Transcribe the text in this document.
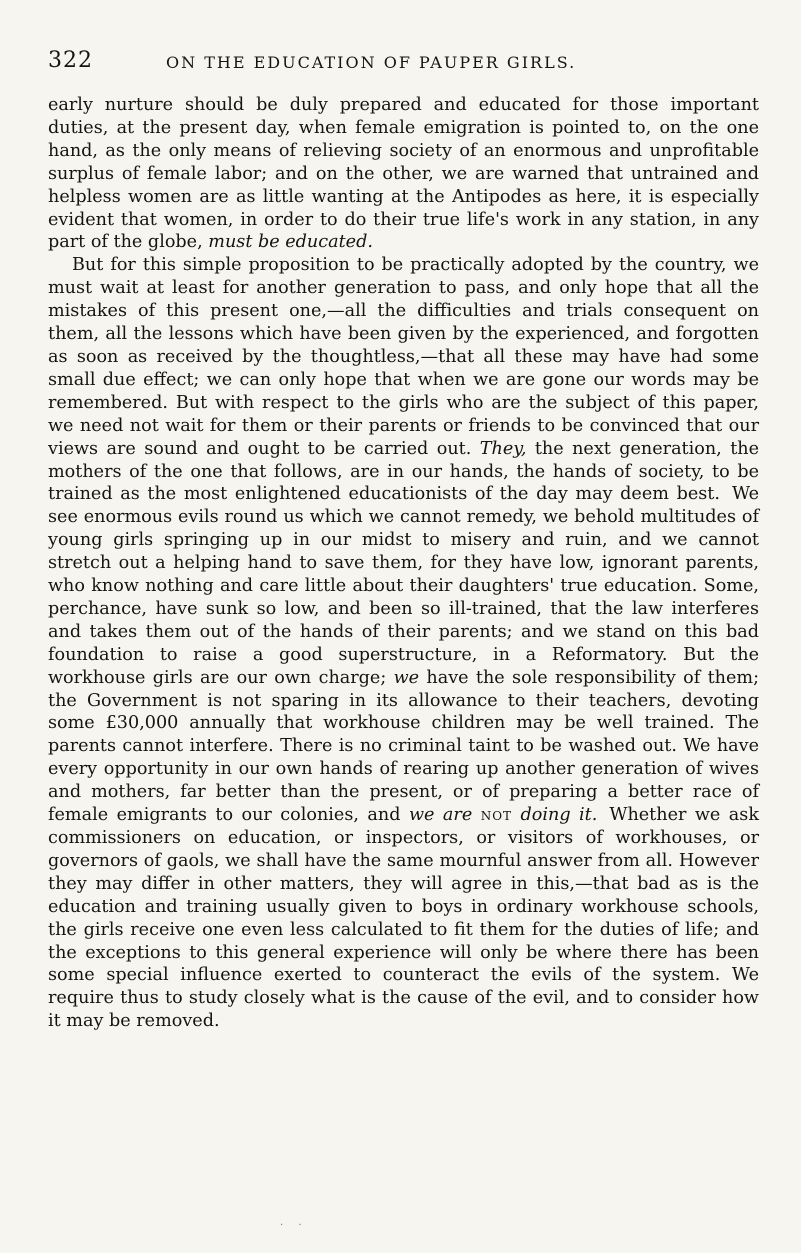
322	ON THE EDUCATION OF PAUPER GIRLS.

early nurture should be duly prepared and educated for those important duties, at the present day, when female emigration is pointed to, on the one hand, as the only means of relieving society of an enormous and unprofitable surplus of female labor; and on the other, we are warned that untrained and helpless women are as little wanting at the Antipodes as here, it is especially evident that women, in order to do their true life's work in any station, in any part of the globe, must be educated.

But for this simple proposition to be practically adopted by the country, we must wait at least for another generation to pass, and only hope that all the mistakes of this present one,—all the difficulties and trials consequent on them, all the lessons which have been given by the experienced, and forgotten as soon as received by the thoughtless,—that all these may have had some small due effect; we can only hope that when we are gone our words may be remembered. But with respect to the girls who are the subject of this paper, we need not wait for them or their parents or friends to be convinced that our views are sound and ought to be carried out. They, the next generation, the mothers of the one that follows, are in our hands, the hands of society, to be trained as the most enlightened educationists of the day may deem best. We see enormous evils round us which we cannot remedy, we behold multitudes of young girls springing up in our midst to misery and ruin, and we cannot stretch out a helping hand to save them, for they have low, ignorant parents, who know nothing and care little about their daughters' true education. Some, perchance, have sunk so low, and been so ill-trained, that the law interferes and takes them out of the hands of their parents; and we stand on this bad foundation to raise a good superstructure, in a Reformatory. But the workhouse girls are our own charge; we have the sole responsibility of them; the Government is not sparing in its allowance to their teachers, devoting some £30,000 annually that workhouse children may be well trained. The parents cannot interfere. There is no criminal taint to be washed out. We have every opportunity in our own hands of rearing up another generation of wives and mothers, far better than the present, or of preparing a better race of female emigrants to our colonies, and we are not doing it. Whether we ask commissioners on education, or inspectors, or visitors of workhouses, or governors of gaols, we shall have the same mournful answer from all. However they may differ in other matters, they will agree in this,—that bad as is the education and training usually given to boys in ordinary workhouse schools, the girls receive one even less calculated to fit them for the duties of life; and the exceptions to this general experience will only be where there has been some special influence exerted to counteract the evils of the system. We require thus to study closely what is the cause of the evil, and to consider how it may be removed.

· ·
